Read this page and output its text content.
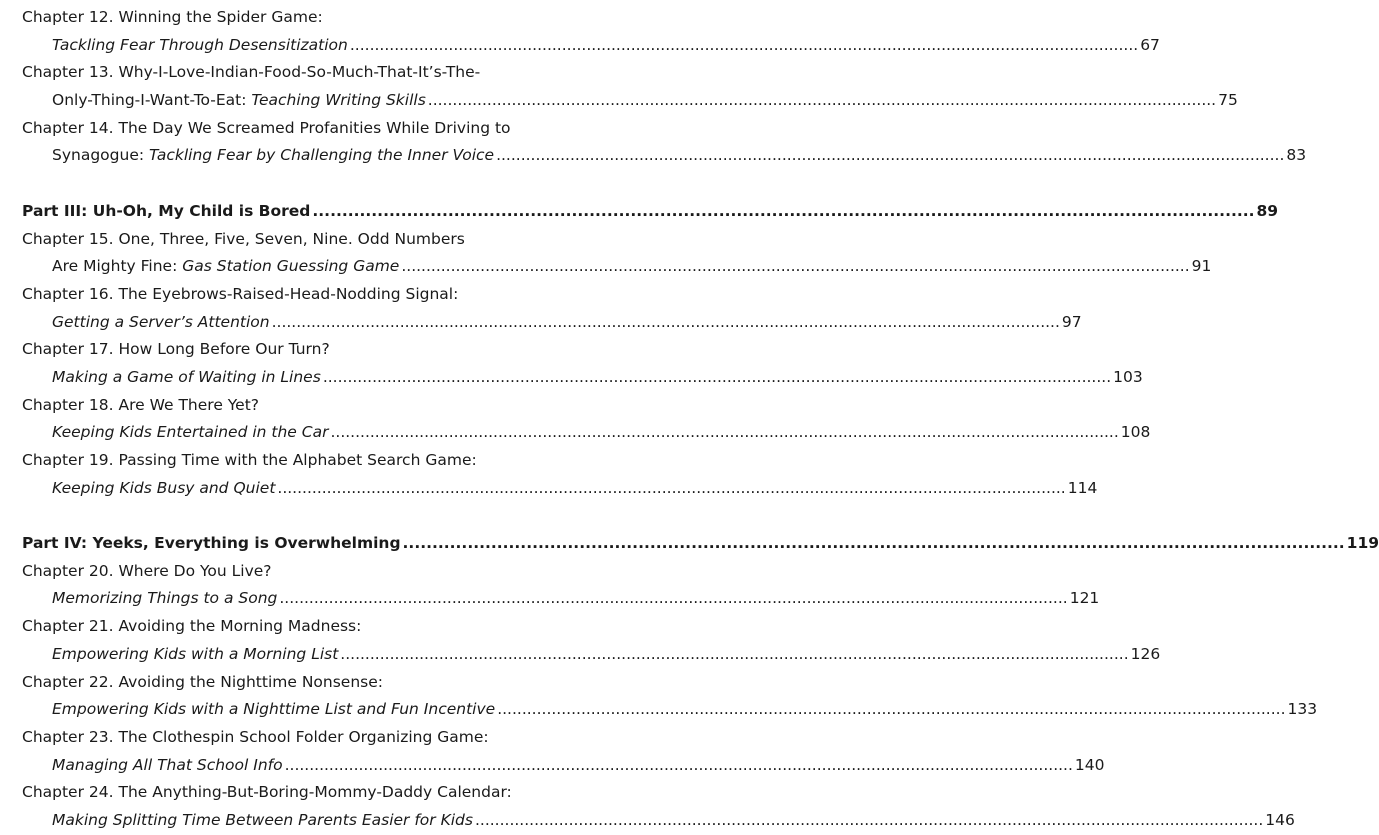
Chapter 12. Winning the Spider Game:
Tackling Fear Through Desensitization .....	67
Chapter 13. Why-I-Love-Indian-Food-So-Much-That-It’s-The-
Only-Thing-I-Want-To-Eat: Teaching Writing Skills .....	75
Chapter 14. The Day We Screamed Profanities While Driving to
Synagogue: Tackling Fear by Challenging the Inner Voice .....	83
Part III: Uh-Oh, My Child is Bored .....	89
Chapter 15. One, Three, Five, Seven, Nine. Odd Numbers
Are Mighty Fine: Gas Station Guessing Game .....	91
Chapter 16. The Eyebrows-Raised-Head-Nodding Signal:
Getting a Server’s Attention .....	97
Chapter 17. How Long Before Our Turn?
Making a Game of Waiting in Lines .....	103
Chapter 18. Are We There Yet?
Keeping Kids Entertained in the Car .....	108
Chapter 19. Passing Time with the Alphabet Search Game:
Keeping Kids Busy and Quiet .....	114
Part IV: Yeeks, Everything is Overwhelming .....	119
Chapter 20. Where Do You Live?
Memorizing Things to a Song .....	121
Chapter 21. Avoiding the Morning Madness:
Empowering Kids with a Morning List .....	126
Chapter 22. Avoiding the Nighttime Nonsense:
Empowering Kids with a Nighttime List and Fun Incentive .....	133
Chapter 23. The Clothespin School Folder Organizing Game:
Managing All That School Info .....	140
Chapter 24. The Anything-But-Boring-Mommy-Daddy Calendar:
Making Splitting Time Between Parents Easier for Kids .....	146
